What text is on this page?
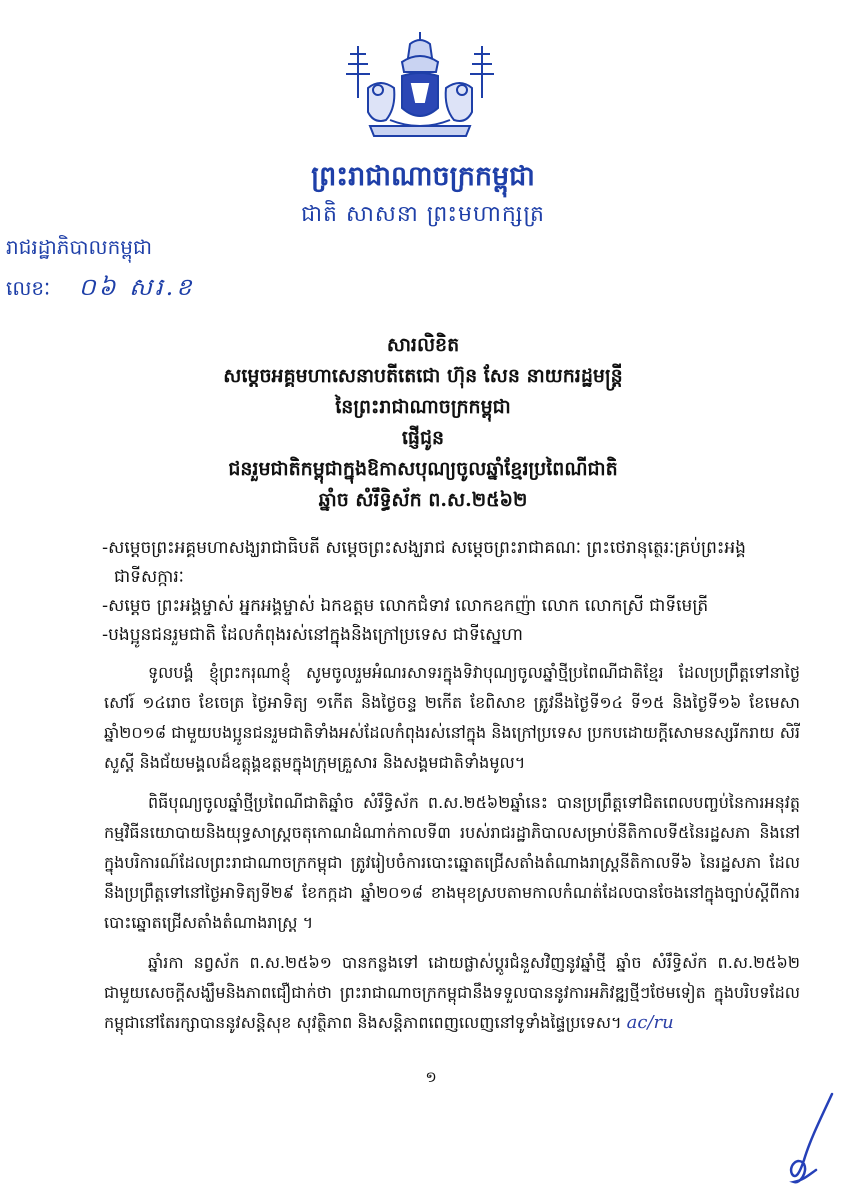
ព្រះរាជាណាចក្រកម្ពុជា
ជាតិ សាសនា ព្រះមហាក្សត្រ
រាជរដ្ឋាភិបាលកម្ពុជា
លេខៈ ០៦ សរ.ខ
សារលិខិត
សម្ដេចអគ្គមហាសេនាបតីតេជោ ហ៊ុន សែន នាយករដ្ឋមន្ត្រី
នៃព្រះរាជាណាចក្រកម្ពុជា
ផ្ញើជូន
ជនរួមជាតិកម្ពុជាក្នុងឱកាសបុណ្យចូលឆ្នាំខ្មែរប្រពៃណីជាតិ
ឆ្នាំច សំរឹទ្ធិស័ក ព.ស.២៥៦២
-សម្ដេចព្រះអគ្គមហាសង្ឃរាជាធិបតី សម្ដេចព្រះសង្ឃរាជ សម្ដេចព្រះរាជាគណៈ ព្រះថេរានុត្ថេរៈគ្រប់ព្រះអង្គ
ជាទីសក្ការៈ
-សម្ដេច ព្រះអង្គម្ចាស់ អ្នកអង្គម្ចាស់ ឯកឧត្ដម លោកជំទាវ លោកឧកញ៉ា លោក លោកស្រី ជាទីមេត្រី
-បងប្អូនជនរួមជាតិ ដែលកំពុងរស់នៅក្នុងនិងក្រៅប្រទេស ជាទីស្នេហា

ទូលបង្គំ ខ្ញុំព្រះករុណាខ្ញុំ សូមចូលរួមអំណរសាទរក្នុងទិវាបុណ្យចូលឆ្នាំថ្មីប្រពៃណីជាតិខ្មែរ ដែលប្រព្រឹត្តទៅនាថ្ងៃសៅរ៍ ១៤រោច ខែចេត្រ ថ្ងៃអាទិត្យ ១កើត និងថ្ងៃចន្ទ ២កើត ខែពិសាខ ត្រូវនឹងថ្ងៃទី១៤ ទី១៥ និងថ្ងៃទី១៦ ខែមេសា ឆ្នាំ២០១៨ ជាមួយបងប្អូនជនរួមជាតិទាំងអស់ដែលកំពុងរស់នៅក្នុង និងក្រៅប្រទេស ប្រកបដោយក្ដីសោមនស្សរីករាយ សិរីសួស្ដី និងជ័យមង្គលដ៏ឧត្ដុង្គឧត្ដមក្នុងក្រុមគ្រួសារ និងសង្គមជាតិទាំងមូល។

ពិធីបុណ្យចូលឆ្នាំថ្មីប្រពៃណីជាតិឆ្នាំច សំរឹទ្ធិស័ក ព.ស.២៥៦២ឆ្នាំនេះ បានប្រព្រឹត្តទៅជិតពេលបញ្ចប់នៃការអនុវត្តកម្មវិធីនយោបាយនិងយុទ្ធសាស្ដ្រចតុកោណដំណាក់កាលទី៣ របស់រាជរដ្ឋាភិបាលសម្រាប់នីតិកាលទី៥នៃរដ្ឋសភា និងនៅក្នុងបរិការណ៍ដែលព្រះរាជាណាចក្រកម្ពុជា ត្រូវរៀបចំការបោះឆ្នោតជ្រើសតាំងតំណាងរាស្ដ្រនីតិកាលទី៦ នៃរដ្ឋសភា ដែលនឹងប្រព្រឹត្តទៅនៅថ្ងៃអាទិត្យទី២៩ ខែកក្កដា ឆ្នាំ២០១៨ ខាងមុខស្របតាមកាលកំណត់ដែលបានចែងនៅក្នុងច្បាប់ស្ដីពីការបោះឆ្នោតជ្រើសតាំងតំណាងរាស្ដ្រ ។

ឆ្នាំរកា នព្វស័ក ព.ស.២៥៦១ បានកន្លងទៅ ដោយផ្លាស់ប្ដូរជំនួសវិញនូវឆ្នាំថ្មី ឆ្នាំច សំរឹទ្ធិស័ក ព.ស.២៥៦២ ជាមួយសេចក្ដីសង្ឃឹមនិងភាពជឿជាក់ថា ព្រះរាជាណាចក្រកម្ពុជានឹងទទួលបាននូវការអភិវឌ្ឍថ្មីៗថែមទៀត ក្នុងបរិបទដែលកម្ពុជានៅតែរក្សាបាននូវសន្តិសុខ សុវត្ថិភាព និងសន្តិភាពពេញលេញនៅទូទាំងផ្ទៃប្រទេស។ ac/ru

១
